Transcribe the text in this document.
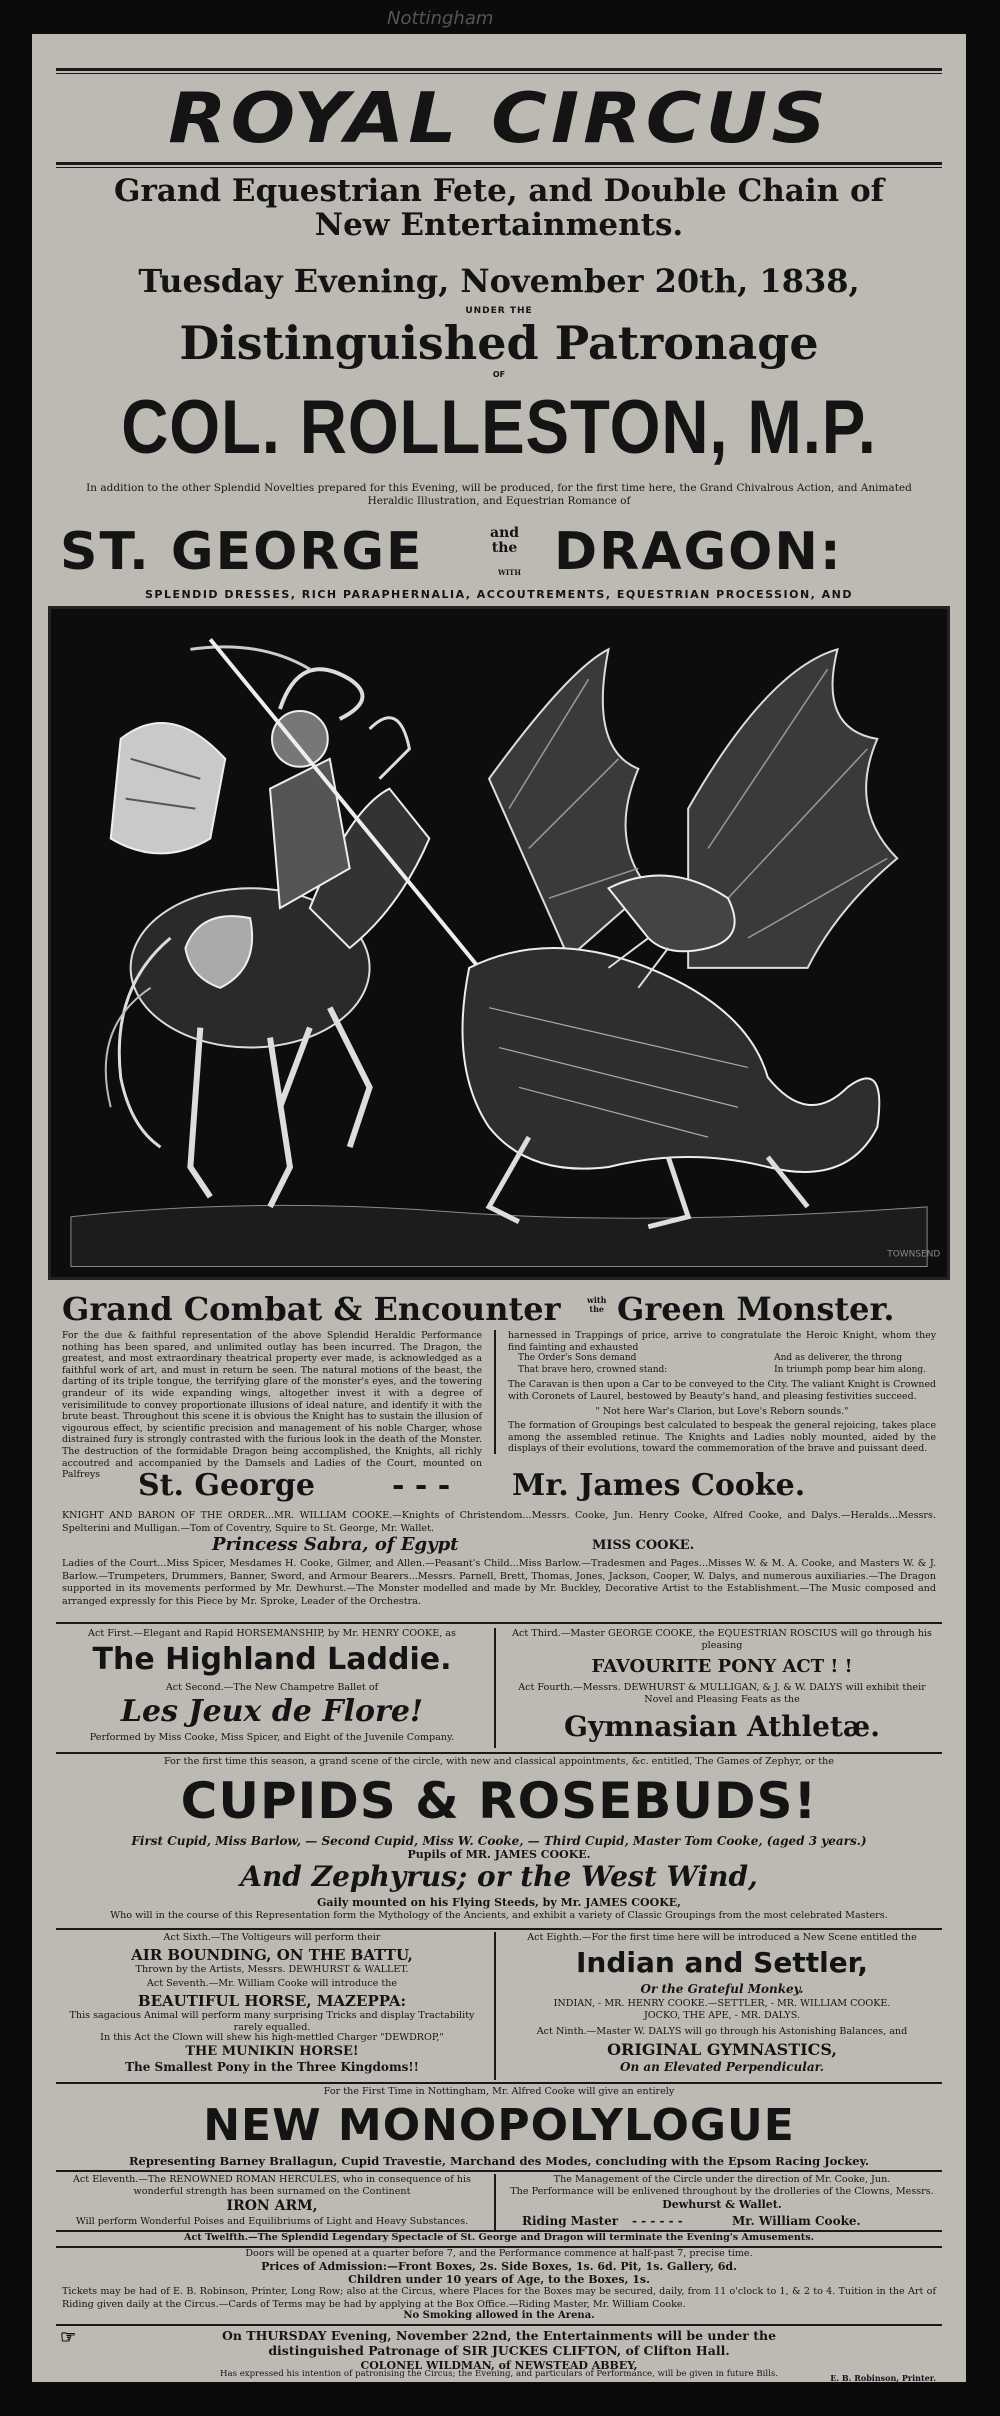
Nottingham
ROYAL CIRCUS
Grand Equestrian Fete, and Double Chain of
New Entertainments.
Tuesday Evening, November 20th, 1838,
UNDER THE
Distinguished Patronage
OF
COL. ROLLESTON, M.P.
In addition to the other Splendid Novelties prepared for this Evening, will be produced, for the first time here, the Grand Chivalrous Action, and Animated Heraldic Illustration, and Equestrian Romance of
ST. GEORGE	and
the DRAGON:
WITH
SPLENDID DRESSES, RICH PARAPHERNALIA, ACCOUTREMENTS, EQUESTRIAN PROCESSION, AND
TOWNSEND
Grand Combat & Encounter	with
the Green Monster.
For the due & faithful representation of the above Splendid Heraldic Performance nothing has been spared, and unlimited outlay has been incurred. The Dragon, the greatest, and most extraordinary theatrical property ever made, is acknowledged as a faithful work of art, and must in return be seen. The natural motions of the beast, the darting of its triple tongue, the terrifying glare of the monster's eyes, and the towering grandeur of its wide expanding wings, altogether invest it with a degree of verisimilitude to convey proportionate illusions of ideal nature, and identify it with the brute beast. Throughout this scene it is obvious the Knight has to sustain the illusion of vigourous effect, by scientific precision and management of his noble Charger, whose distrained fury is strongly contrasted with the furious look in the death of the Monster. The destruction of the formidable Dragon being accomplished, the Knights, all richly accoutred and accompanied by the Damsels and Ladies of the Court, mounted on Palfreys
harnessed in Trappings of price, arrive to congratulate the Heroic Knight, whom they find fainting and exhausted
The Order's Sons demand
That brave hero, crowned stand:
And as deliverer, the throng
In triumph pomp bear him along.
The Caravan is then upon a Car to be conveyed to the City. The valiant Knight is Crowned with Coronets of Laurel, bestowed by Beauty's hand, and pleasing festivities succeed.
" Not here War's Clarion, but Love's Reborn sounds."
The formation of Groupings best calculated to bespeak the general rejoicing, takes place among the assembled retinue. The Knights and Ladies nobly mounted, aided by the displays of their evolutions, toward the commemoration of the brave and puissant deed.
St. George	- - - Mr. James Cooke.
KNIGHT AND BARON OF THE ORDER...MR. WILLIAM COOKE.—Knights of Christendom...Messrs. Cooke, Jun. Henry Cooke, Alfred Cooke, and Dalys.—Heralds...Messrs. Spelterini and Mulligan.—Tom of Coventry, Squire to St. George, Mr. Wallet.
Princess Sabra, of Egypt	MISS COOKE.
Ladies of the Court...Miss Spicer, Mesdames H. Cooke, Gilmer, and Allen.—Peasant's Child...Miss Barlow.—Tradesmen and Pages...Misses W. & M. A. Cooke, and Masters W. & J. Barlow.—Trumpeters, Drummers, Banner, Sword, and Armour Bearers...Messrs. Parnell, Brett, Thomas, Jones, Jackson, Cooper, W. Dalys, and numerous auxiliaries.—The Dragon supported in its movements performed by Mr. Dewhurst.—The Monster modelled and made by Mr. Buckley, Decorative Artist to the Establishment.—The Music composed and arranged expressly for this Piece by Mr. Sproke, Leader of the Orchestra.
Act First.—Elegant and Rapid HORSEMANSHIP, by Mr. HENRY COOKE, as
The Highland Laddie.
Act Second.—The New Champetre Ballet of
Les Jeux de Flore!
Performed by Miss Cooke, Miss Spicer, and Eight of the Juvenile Company.
Act Third.—Master GEORGE COOKE, the EQUESTRIAN ROSCIUS will go through his pleasing
FAVOURITE PONY ACT ! !
Act Fourth.—Messrs. DEWHURST & MULLIGAN, & J. & W. DALYS will exhibit their Novel and Pleasing Feats as the
Gymnasian Athletæ.
For the first time this season, a grand scene of the circle, with new and classical appointments, &c. entitled, The Games of Zephyr, or the
CUPIDS & ROSEBUDS!
First Cupid, Miss Barlow, — Second Cupid, Miss W. Cooke, — Third Cupid, Master Tom Cooke, (aged 3 years.)
Pupils of MR. JAMES COOKE.
And Zephyrus; or the West Wind,
Gaily mounted on his Flying Steeds, by Mr. JAMES COOKE,
Who will in the course of this Representation form the Mythology of the Ancients, and exhibit a variety of Classic Groupings from the most celebrated Masters.
Act Sixth.—The Voltigeurs will perform their
AIR BOUNDING, ON THE BATTU,
Thrown by the Artists, Messrs. DEWHURST & WALLET.
Act Seventh.—Mr. William Cooke will introduce the
BEAUTIFUL HORSE, MAZEPPA:
This sagacious Animal will perform many surprising Tricks and display Tractability rarely equalled.
In this Act the Clown will shew his high-mettled Charger "DEWDROP,"
THE MUNIKIN HORSE!
The Smallest Pony in the Three Kingdoms!!
Act Eighth.—For the first time here will be introduced a New Scene entitled the
Indian and Settler,
Or the Grateful Monkey.
INDIAN, - MR. HENRY COOKE.—SETTLER, - MR. WILLIAM COOKE.
JOCKO, THE APE, - MR. DALYS.
Act Ninth.—Master W. DALYS will go through his Astonishing Balances, and
ORIGINAL GYMNASTICS,
On an Elevated Perpendicular.
For the First Time in Nottingham, Mr. Alfred Cooke will give an entirely
NEW MONOPOLYLOGUE
Representing Barney Brallagun, Cupid Travestie, Marchand des Modes, concluding with the Epsom Racing Jockey.
Act Eleventh.—The RENOWNED ROMAN HERCULES, who in consequence of his wonderful strength has been surnamed on the Continent
IRON ARM,
Will perform Wonderful Poises and Equilibriums of Light and Heavy Substances.
The Management of the Circle under the direction of Mr. Cooke, Jun.
The Performance will be enlivened throughout by the drolleries of the Clowns, Messrs.
Dewhurst & Wallet.
Riding Master - - - - - -	Mr. William Cooke.
Act Twelfth.—The Splendid Legendary Spectacle of St. George and Dragon will terminate the Evening's Amusements.
Doors will be opened at a quarter before 7, and the Performance commence at half-past 7, precise time.
Prices of Admission:—Front Boxes, 2s. Side Boxes, 1s. 6d. Pit, 1s. Gallery, 6d.
Children under 10 years of Age, to the Boxes, 1s.
Tickets may be had of E. B. Robinson, Printer, Long Row; also at the Circus, where Places for the Boxes may be secured, daily, from 11 o'clock to 1, & 2 to 4. Tuition in the Art of Riding given daily at the Circus.—Cards of Terms may be had by applying at the Box Office.—Riding Master, Mr. William Cooke.
No Smoking allowed in the Arena.
☞	On THURSDAY Evening, November 22nd, the Entertainments will be under the
distinguished Patronage of SIR JUCKES CLIFTON, of Clifton Hall.
COLONEL WILDMAN, of NEWSTEAD ABBEY,
Has expressed his intention of patronising the Circus; the Evening, and particulars of Performance, will be given in future Bills.	E. B. Robinson, Printer.
